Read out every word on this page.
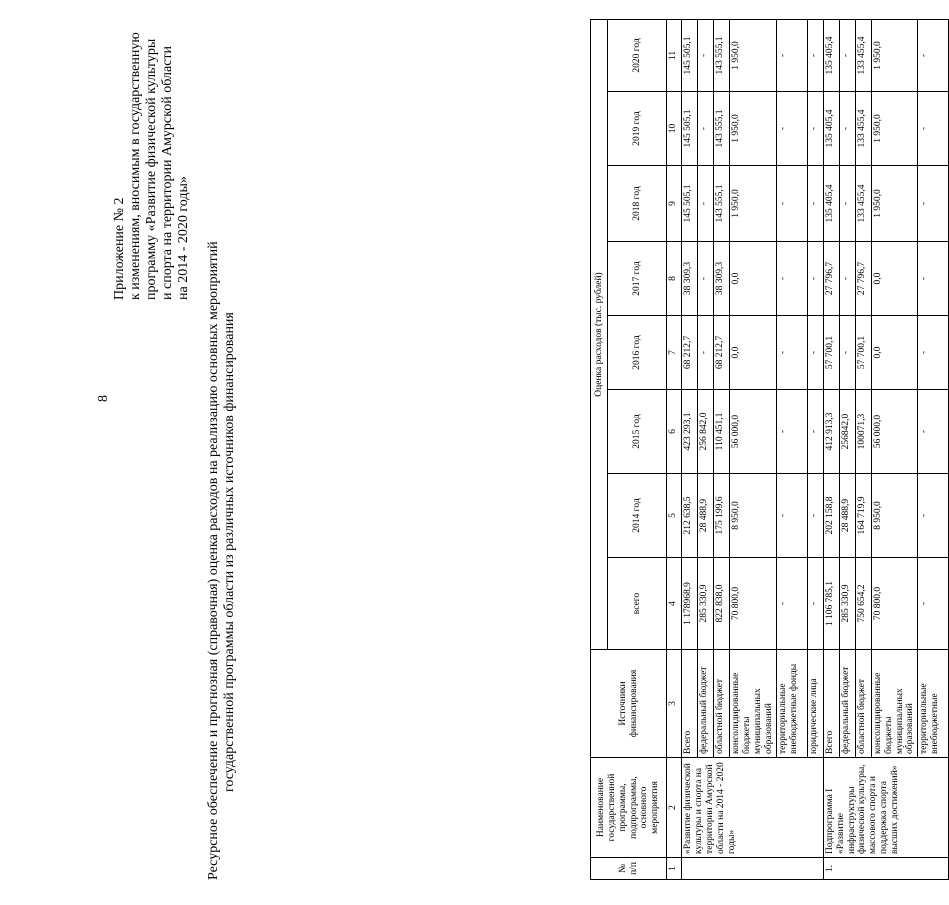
8
Приложение № 2 к изменениям, вносимым в государственную программу «Развитие физической культуры и спорта на территории Амурской области на 2014 - 2020 годы»
Ресурсное обеспечение и прогнозная (справочная) оценка расходов на реализацию основных мероприятий государственной программы области из различных источников финансирования
№ п/п	Наименование государственной программы, подпрограммы, основного мероприятия	Источники финансирования	Оценка расходов (тыс. рублей)							
			всего	2014 год	2015 год	2016 год	2017 год	2018 год	2019 год	2020 год
1	2	3	4	5	6	7	8	9	10	11
	«Развитие физической культуры и спорта на территории Амурской области на 2014 - 2020 годы»	Всего	1 178968,9	212 638,5	423 293,1	68 212,7	38 309,3	145 505,1	145 505,1	145 505,1
		федеральный бюджет	285 330,9	28 488,9	256 842,0	-	-	-	-	-
		областной бюджет	822 838,0	175 199,6	110 451,1	68 212,7	38 309,3	143 555,1	143 555,1	143 555,1
		консолидированные бюджеты муниципальных образований	70 800,0	8 950,0	56 000,0	0,0	0,0	1 950,0	1 950,0	1 950,0
		территориальные внебюджетные фонды	-	-	-	-	-	-	-	-
		юридические лица	-	-	-	-	-	-	-	-
1.	Подпрограмма I «Развитие инфраструктуры физической культуры, массового спорта и поддержка спорта высших достижений»	Всего	1 106 785,1	202 158,8	412 913,3	57 700,1	27 796,7	135 405,4	135 405,4	135 405,4
		федеральный бюджет	285 330,9	28 488,9	256842,0	-	-	-	-	-
		областной бюджет	750 654,2	164 719,9	100071,3	57 700,1	27 796,7	133 455,4	133 455,4	133 455,4
		консолидированные бюджеты муниципальных образований	70 800,0	8 950,0	56 000,0	0,0	0,0	1 950,0	1 950,0	1 950,0
		территориальные внебюджетные	-	-	-	-	-	-	-	-
